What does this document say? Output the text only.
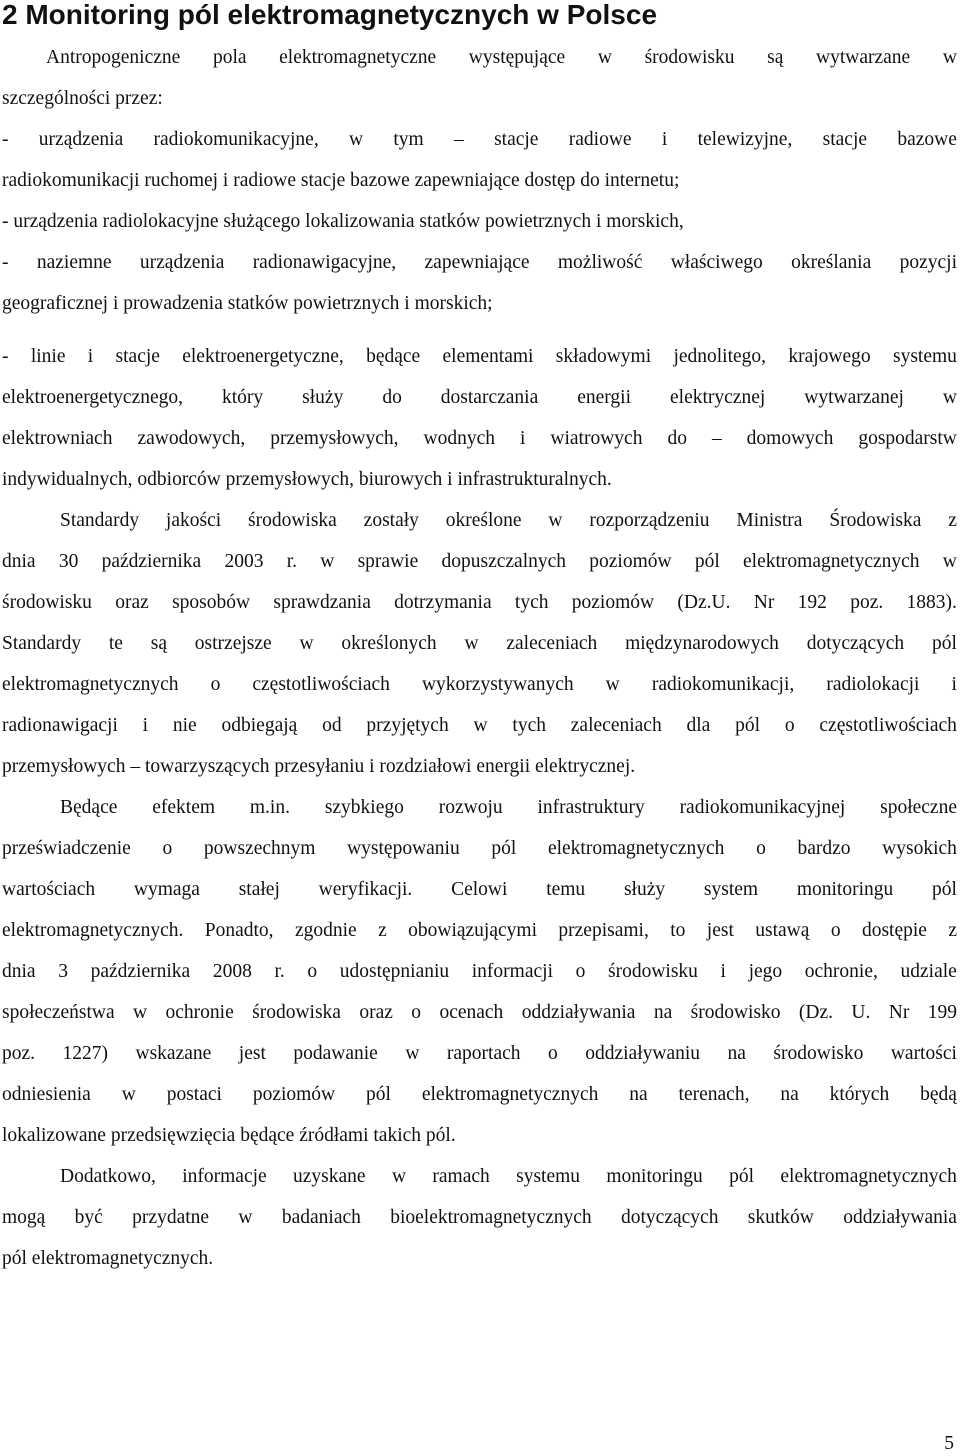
2 Monitoring pól elektromagnetycznych w Polsce
Antropogeniczne pola elektromagnetyczne występujące w środowisku są wytwarzane w
szczególności przez:
- urządzenia radiokomunikacyjne, w tym – stacje radiowe i telewizyjne, stacje bazowe
radiokomunikacji ruchomej i radiowe stacje bazowe zapewniające dostęp do internetu;
- urządzenia radiolokacyjne służącego lokalizowania statków powietrznych i morskich,
- naziemne urządzenia radionawigacyjne, zapewniające możliwość właściwego określania pozycji
geograficznej i prowadzenia statków powietrznych i morskich;
- linie i stacje elektroenergetyczne, będące elementami składowymi jednolitego, krajowego systemu
elektroenergetycznego, który służy do dostarczania energii elektrycznej wytwarzanej w
elektrowniach zawodowych, przemysłowych, wodnych i wiatrowych do – domowych gospodarstw
indywidualnych, odbiorców przemysłowych, biurowych i infrastrukturalnych.
Standardy jakości środowiska zostały określone w rozporządzeniu Ministra Środowiska z
dnia 30 października 2003 r. w sprawie dopuszczalnych poziomów pól elektromagnetycznych w
środowisku oraz sposobów sprawdzania dotrzymania tych poziomów (Dz.U. Nr 192 poz. 1883).
Standardy te są ostrzejsze w określonych w zaleceniach międzynarodowych dotyczących pól
elektromagnetycznych o częstotliwościach wykorzystywanych w radiokomunikacji, radiolokacji i
radionawigacji i nie odbiegają od przyjętych w tych zaleceniach dla pól o częstotliwościach
przemysłowych – towarzyszących przesyłaniu i rozdziałowi energii elektrycznej.
Będące efektem m.in. szybkiego rozwoju infrastruktury radiokomunikacyjnej społeczne
przeświadczenie o powszechnym występowaniu pól elektromagnetycznych o bardzo wysokich
wartościach wymaga stałej weryfikacji. Celowi temu służy system monitoringu pól
elektromagnetycznych. Ponadto, zgodnie z obowiązującymi przepisami, to jest ustawą o dostępie z
dnia 3 października 2008 r. o udostępnianiu informacji o środowisku i jego ochronie, udziale
społeczeństwa w ochronie środowiska oraz o ocenach oddziaływania na środowisko (Dz. U. Nr 199
poz. 1227) wskazane jest podawanie w raportach o oddziaływaniu na środowisko wartości
odniesienia w postaci poziomów pól elektromagnetycznych na terenach, na których będą
lokalizowane przedsięwzięcia będące źródłami takich pól.
Dodatkowo, informacje uzyskane w ramach systemu monitoringu pól elektromagnetycznych
mogą być przydatne w badaniach bioelektromagnetycznych dotyczących skutków oddziaływania
pól elektromagnetycznych.
5
